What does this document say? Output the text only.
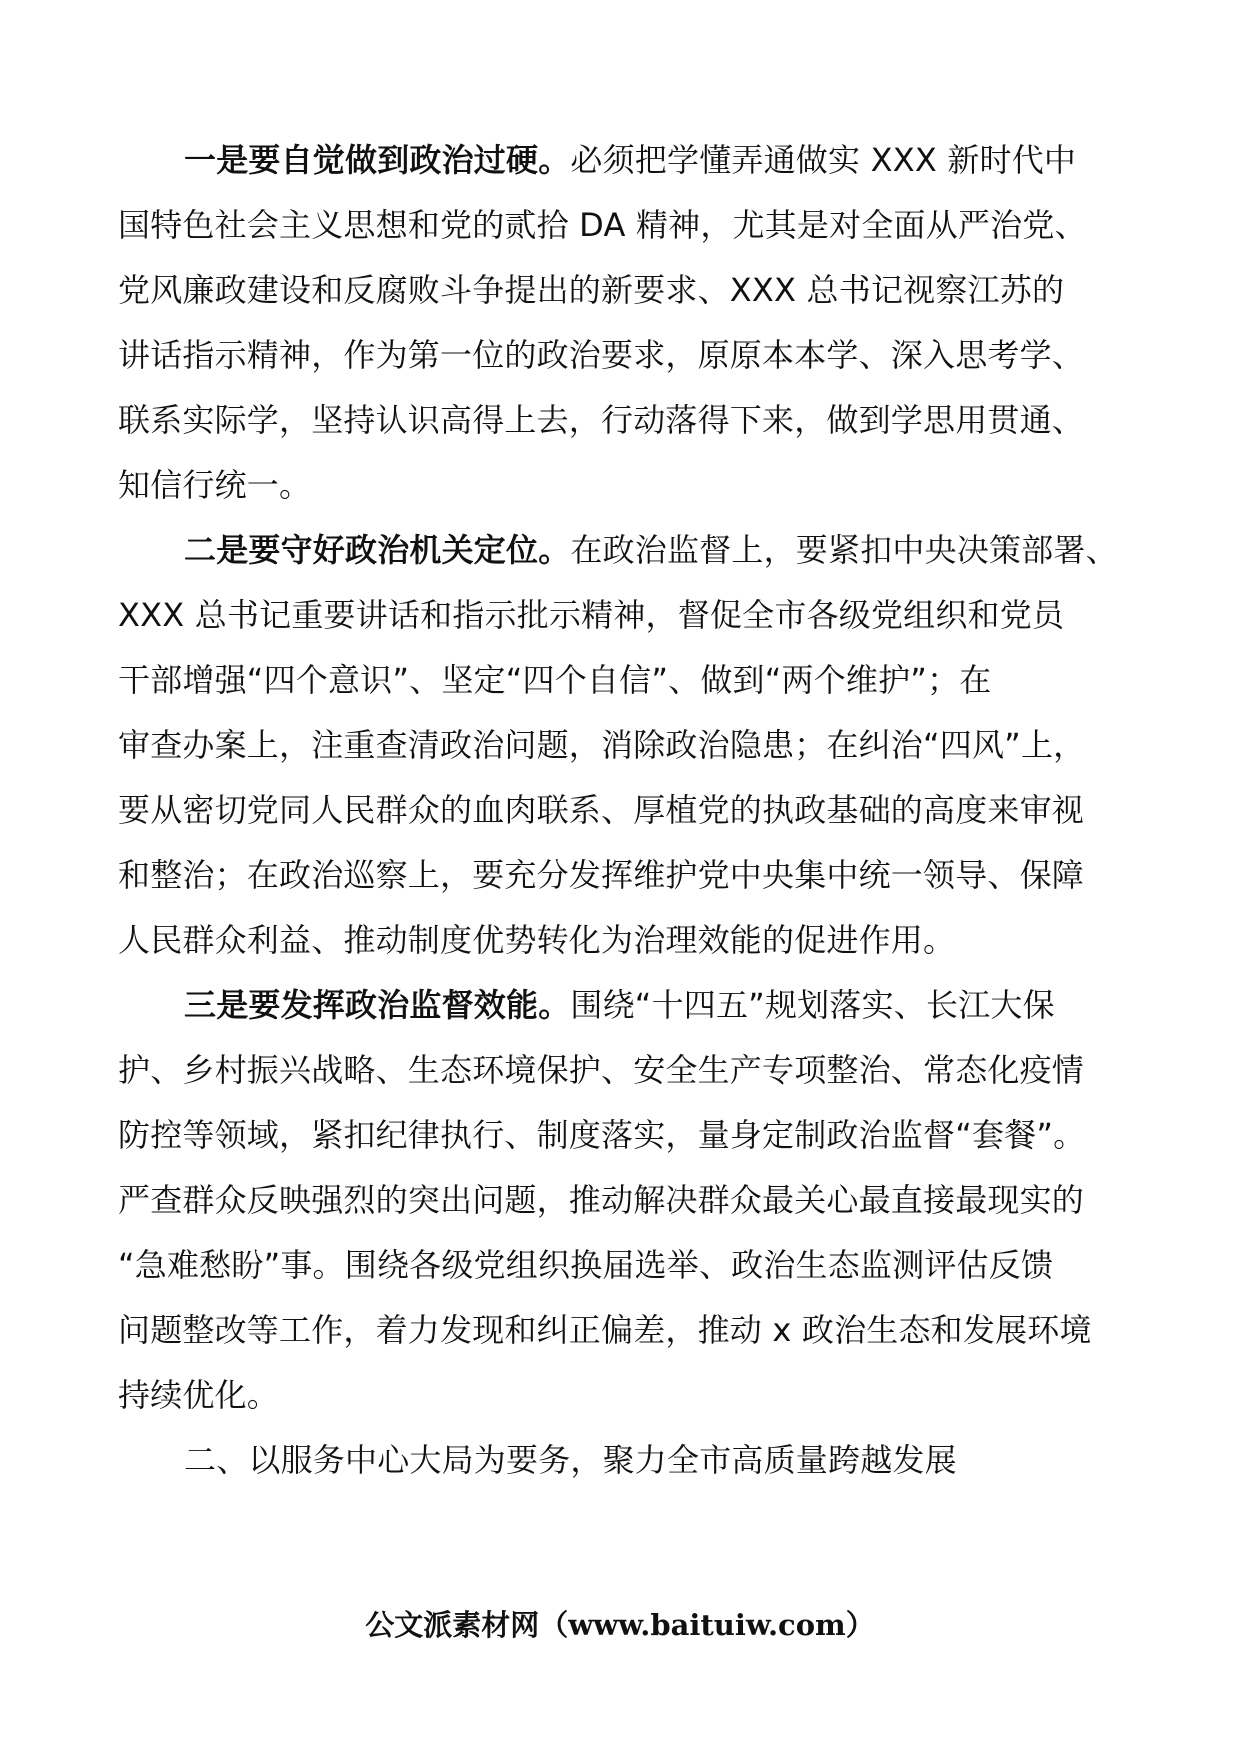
一是要自觉做到政治过硬。必须把学懂弄通做实 XXX 新时代中
国特色社会主义思想和党的贰拾 DA 精神，尤其是对全面从严治党、
党风廉政建设和反腐败斗争提出的新要求、XXX 总书记视察江苏的
讲话指示精神，作为第一位的政治要求，原原本本学、深入思考学、
联系实际学，坚持认识高得上去，行动落得下来，做到学思用贯通、
知信行统一。
二是要守好政治机关定位。在政治监督上，要紧扣中央决策部署、
XXX 总书记重要讲话和指示批示精神，督促全市各级党组织和党员
干部增强“四个意识”、坚定“四个自信”、做到“两个维护”；在
审查办案上，注重查清政治问题，消除政治隐患；在纠治“四风”上，
要从密切党同人民群众的血肉联系、厚植党的执政基础的高度来审视
和整治；在政治巡察上，要充分发挥维护党中央集中统一领导、保障
人民群众利益、推动制度优势转化为治理效能的促进作用。
三是要发挥政治监督效能。围绕“十四五”规划落实、长江大保
护、乡村振兴战略、生态环境保护、安全生产专项整治、常态化疫情
防控等领域，紧扣纪律执行、制度落实，量身定制政治监督“套餐”。
严查群众反映强烈的突出问题，推动解决群众最关心最直接最现实的
“急难愁盼”事。围绕各级党组织换届选举、政治生态监测评估反馈
问题整改等工作，着力发现和纠正偏差，推动 x 政治生态和发展环境
持续优化。
二、以服务中心大局为要务，聚力全市高质量跨越发展
公文派素材网（www.baituiw.com）
